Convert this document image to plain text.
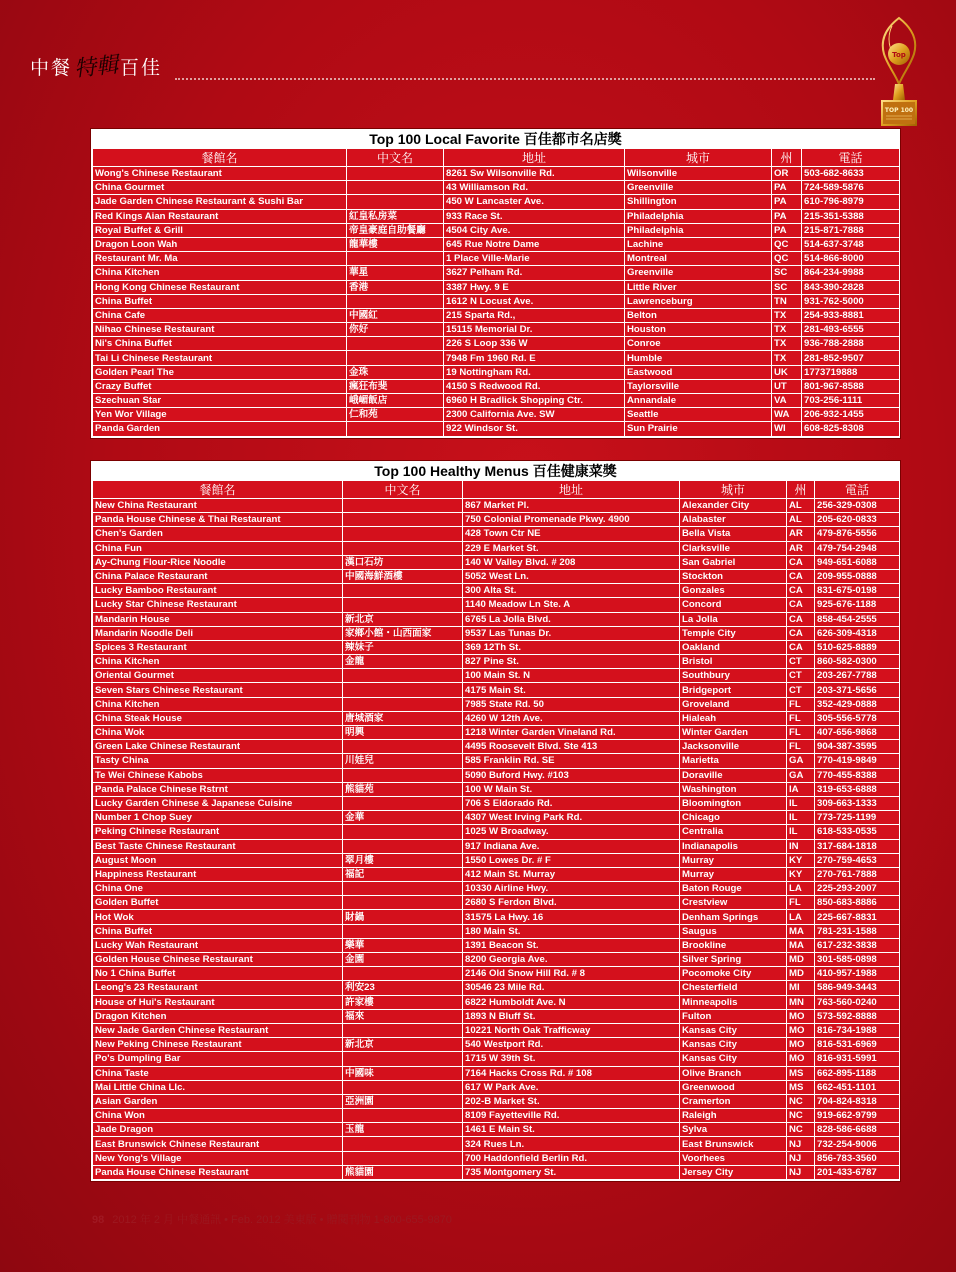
中餐特輯百佳
Top
TOP 100
Top 100 Local Favorite 百佳都市名店獎
餐館名	中文名	地址	城市	州	電話
Wong's Chinese Restaurant		8261 Sw Wilsonville Rd.	Wilsonville	OR	503-682-8633
China Gourmet		43 Williamson Rd.	Greenville	PA	724-589-5876
Jade Garden Chinese Restaurant & Sushi Bar		450 W Lancaster Ave.	Shillington	PA	610-796-8979
Red Kings Aian Restaurant	紅皇私房菜	933 Race St.	Philadelphia	PA	215-351-5388
Royal Buffet & Grill	帝皇豪庭自助餐廳	4504 City Ave.	Philadelphia	PA	215-871-7888
Dragon Loon Wah	龍華樓	645 Rue Notre Dame	Lachine	QC	514-637-3748
Restaurant Mr. Ma		1 Place Ville-Marie	Montreal	QC	514-866-8000
China Kitchen	華星	3627 Pelham Rd.	Greenville	SC	864-234-9988
Hong Kong Chinese Restaurant	香港	3387 Hwy. 9 E	Little River	SC	843-390-2828
China Buffet		1612 N Locust Ave.	Lawrenceburg	TN	931-762-5000
China Cafe	中國紅	215 Sparta Rd.,	Belton	TX	254-933-8881
Nihao Chinese Restaurant	你好	15115 Memorial Dr.	Houston	TX	281-493-6555
Ni's China Buffet		226 S Loop 336 W	Conroe	TX	936-788-2888
Tai Li Chinese Restaurant		7948 Fm 1960 Rd. E	Humble	TX	281-852-9507
Golden Pearl The	金珠	19 Nottingham Rd.	Eastwood	UK	1773719888
Crazy Buffet	瘋狂布斐	4150 S Redwood Rd.	Taylorsville	UT	801-967-8588
Szechuan Star	峨嵋飯店	6960 H Bradlick Shopping Ctr.	Annandale	VA	703-256-1111
Yen Wor Village	仁和苑	2300 California Ave. SW	Seattle	WA	206-932-1455
Panda Garden		922 Windsor St.	Sun Prairie	WI	608-825-8308
Top 100 Healthy Menus 百佳健康菜獎
餐館名	中文名	地址	城市	州	電話
New China Restaurant		867 Market Pl.	Alexander City	AL	256-329-0308
Panda House Chinese & Thai Restaurant		750 Colonial Promenade Pkwy. 4900	Alabaster	AL	205-620-0833
Chen's Garden		428 Town Ctr NE	Bella Vista	AR	479-876-5556
China Fun		229 E Market St.	Clarksville	AR	479-754-2948
Ay-Chung Flour-Rice Noodle	漢口石坊	140 W Valley Blvd. # 208	San Gabriel	CA	949-651-6088
China Palace Restaurant	中國海鮮酒樓	5052 West Ln.	Stockton	CA	209-955-0888
Lucky Bamboo Restaurant		300 Alta St.	Gonzales	CA	831-675-0198
Lucky Star Chinese Restaurant		1140 Meadow Ln Ste. A	Concord	CA	925-676-1188
Mandarin House	新北京	6765 La Jolla Blvd.	La Jolla	CA	858-454-2555
Mandarin Noodle Deli	家鄉小館・山西面家	9537 Las Tunas Dr.	Temple City	CA	626-309-4318
Spices 3 Restaurant	辣妹子	369 12Th St.	Oakland	CA	510-625-8889
China Kitchen	金龍	827 Pine St.	Bristol	CT	860-582-0300
Oriental Gourmet		100 Main St. N	Southbury	CT	203-267-7788
Seven Stars Chinese Restaurant		4175 Main St.	Bridgeport	CT	203-371-5656
China Kitchen		7985 State Rd. 50	Groveland	FL	352-429-0888
China Steak House	唐城酒家	4260 W 12th Ave.	Hialeah	FL	305-556-5778
China Wok	明興	1218 Winter Garden Vineland Rd.	Winter Garden	FL	407-656-9868
Green Lake Chinese Restaurant		4495 Roosevelt Blvd. Ste 413	Jacksonville	FL	904-387-3595
Tasty China	川娃兒	585 Franklin Rd. SE	Marietta	GA	770-419-9849
Te Wei Chinese Kabobs		5090 Buford Hwy. #103	Doraville	GA	770-455-8388
Panda Palace Chinese Rstrnt	熊貓苑	100 W Main St.	Washington	IA	319-653-6888
Lucky Garden Chinese & Japanese Cuisine		706 S Eldorado Rd.	Bloomington	IL	309-663-1333
Number 1 Chop Suey	金華	4307 West Irving Park Rd.	Chicago	IL	773-725-1199
Peking Chinese Restaurant		1025 W Broadway.	Centralia	IL	618-533-0535
Best Taste Chinese Restaurant		917 Indiana Ave.	Indianapolis	IN	317-684-1818
August Moon	翠月樓	1550 Lowes Dr. # F	Murray	KY	270-759-4653
Happiness Restaurant	福記	412 Main St. Murray	Murray	KY	270-761-7888
China One		10330 Airline Hwy.	Baton Rouge	LA	225-293-2007
Golden Buffet		2680 S Ferdon Blvd.	Crestview	FL	850-683-8886
Hot Wok	財鍋	31575 La Hwy. 16	Denham Springs	LA	225-667-8831
China Buffet		180 Main St.	Saugus	MA	781-231-1588
Lucky Wah Restaurant	樂華	1391 Beacon St.	Brookline	MA	617-232-3838
Golden House Chinese Restaurant	金園	8200 Georgia Ave.	Silver Spring	MD	301-585-0898
No 1 China Buffet		2146 Old Snow Hill Rd. # 8	Pocomoke City	MD	410-957-1988
Leong's 23 Restaurant	利安23	30546 23 Mile Rd.	Chesterfield	MI	586-949-3443
House of Hui's Restaurant	許家樓	6822 Humboldt Ave. N	Minneapolis	MN	763-560-0240
Dragon Kitchen	福來	1893 N Bluff St.	Fulton	MO	573-592-8888
New Jade Garden Chinese Restaurant		10221 North Oak Trafficway	Kansas City	MO	816-734-1988
New Peking Chinese Restaurant	新北京	540 Westport Rd.	Kansas City	MO	816-531-6969
Po's Dumpling Bar		1715 W 39th St.	Kansas City	MO	816-931-5991
China Taste	中國味	7164 Hacks Cross Rd. # 108	Olive Branch	MS	662-895-1188
Mai Little China Llc.		617 W Park Ave.	Greenwood	MS	662-451-1101
Asian Garden	亞洲園	202-B Market St.	Cramerton	NC	704-824-8318
China Won		8109 Fayetteville Rd.	Raleigh	NC	919-662-9799
Jade Dragon	玉龍	1461 E Main St.	Sylva	NC	828-586-6688
East Brunswick Chinese Restaurant		324 Rues Ln.	East Brunswick	NJ	732-254-9006
New Yong's Village		700 Haddonfield Berlin Rd.	Voorhees	NJ	856-783-3560
Panda House Chinese Restaurant	熊貓園	735 Montgomery St.	Jersey City	NJ	201-433-6787
98 2012 年 2 月 中餐通訊 • Feb. 2012 美東版 • 贈閱刊物 1-800-655-9870
